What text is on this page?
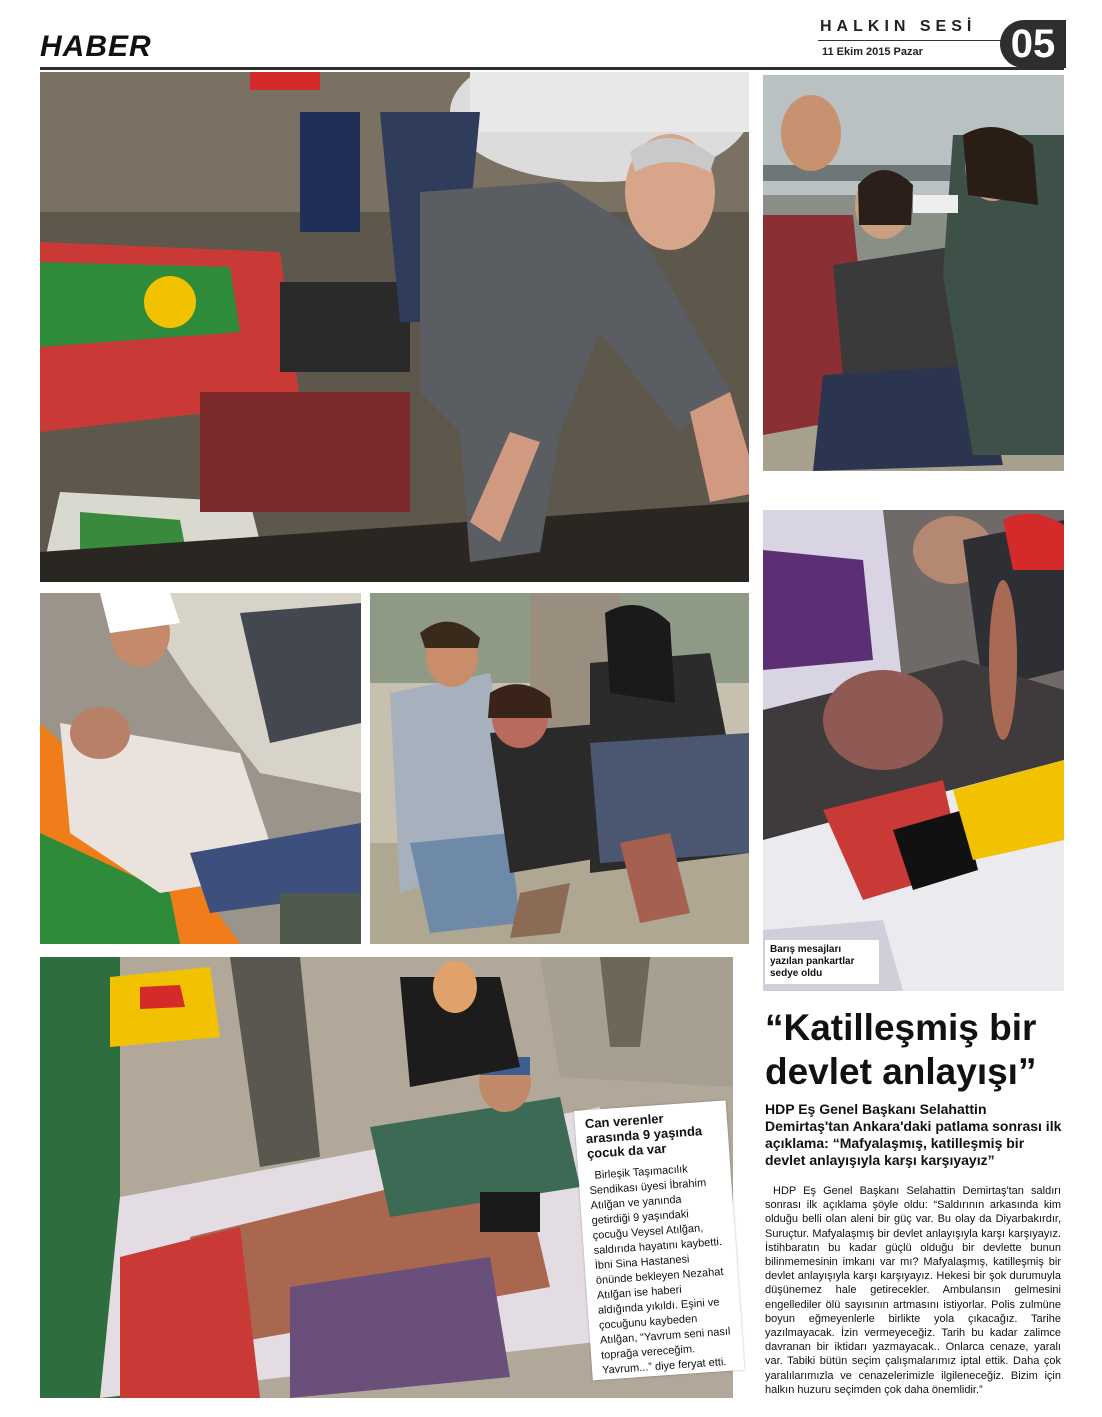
HABER
HALKIN SESİ
11 Ekim 2015 Pazar 05
Barış mesajları yazılan pankartlar sedye oldu
Can verenler arasında 9 yaşında çocuk da var
Birleşik Taşımacılık Sendikası üyesi İbrahim Atılğan ve yanında getirdiği 9 yaşındaki çocuğu Veysel Atılğan, saldırıda hayatını kaybetti. İbni Sina Hastanesi önünde bekleyen Nezahat Atılğan ise haberi aldığında yıkıldı. Eşini ve çocuğunu kaybeden Atılğan, “Yavrum seni nasıl toprağa vereceğim. Yavrum...” diye feryat etti.
“Katilleşmiş bir devlet anlayışı”
HDP Eş Genel Başkanı Selahattin Demirtaş'tan Ankara'daki patlama sonrası ilk açıklama: “Mafyalaşmış, katilleşmiş bir devlet anlayışıyla karşı karşıyayız”
HDP Eş Genel Başkanı Selahattin Demirtaş'tan saldırı sonrası ilk açıklama şöyle oldu: “Saldırının arkasında kim olduğu belli olan aleni bir güç var. Bu olay da Diyarbakırdır, Suruçtur. Mafyalaşmış bir devlet anlayışıyla karşı karşıyayız. İstihbaratın bu kadar güçlü olduğu bir devlette bunun bilinmemesinin imkanı var mı? Mafyalaşmış, katilleşmiş bir devlet anlayışıyla karşı karşıyayız. Hekesi bir şok durumuyla düşünemez hale getirecekler. Ambulansın gelmesini engellediler ölü sayısının artmasını istiyorlar. Polis zulmüne boyun eğmeyenlerle birlikte yola çıkacağız. Tarihe yazılmayacak. İzin vermeyeceğiz. Tarih bu kadar zalimce davranan bir iktidarı yazmayacak.. Onlarca cenaze, yaralı var. Tabiki bütün seçim çalışmalarımız iptal ettik. Daha çok yaralılarımızla ve cenazelerimizle ilgileneceğiz. Bizim için halkın huzuru seçimden çok daha önemlidir.”
